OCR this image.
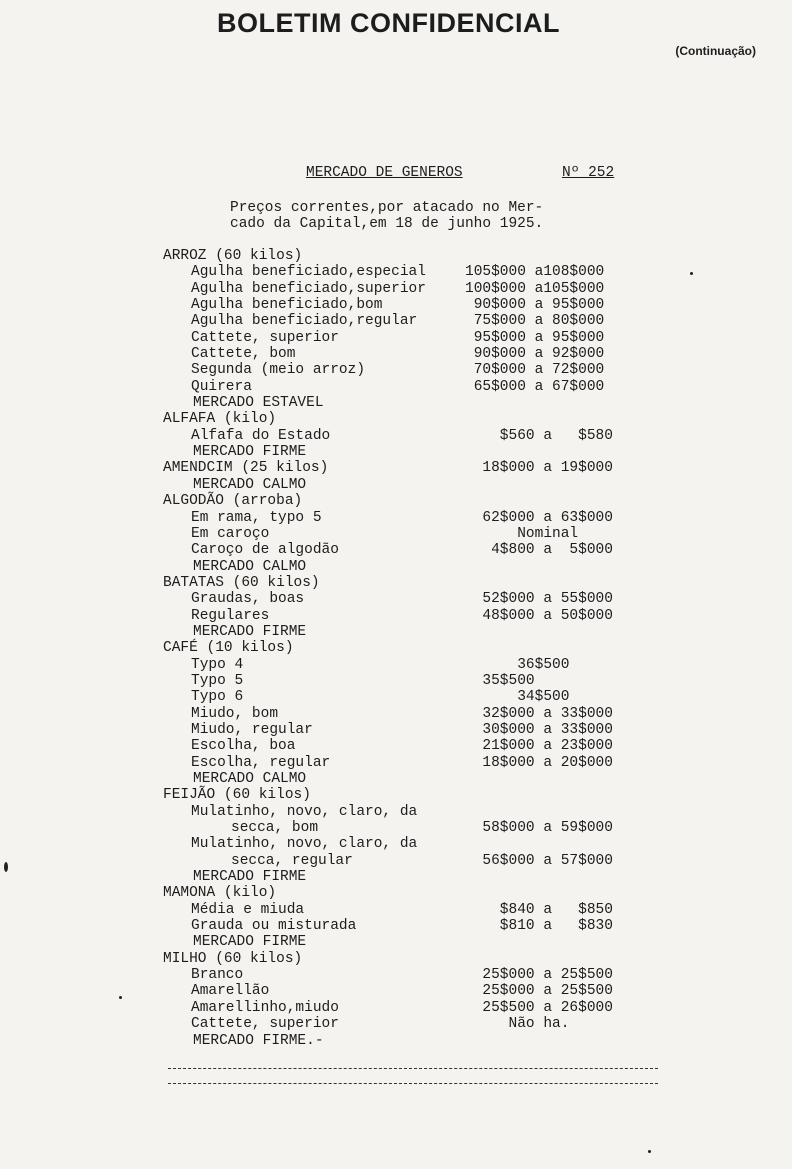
BOLETIM CONFIDENCIAL
(Continuação)
MERCADO DE GENEROS	Nº 252
Preços correntes,por atacado no Mer-
cado da Capital,em 18 de junho 1925.
ARROZ (60 kilos)
Agulha beneficiado,especial	105$000 a108$000
Agulha beneficiado,superior	100$000 a105$000
Agulha beneficiado,bom	90$000 a 95$000
Agulha beneficiado,regular	75$000 a 80$000
Cattete, superior	95$000 a 95$000
Cattete, bom	90$000 a 92$000
Segunda (meio arroz)	70$000 a 72$000
Quirera	65$000 a 67$000
MERCADO ESTAVEL
ALFAFA (kilo)
Alfafa do Estado	$560 a   $580
MERCADO FIRME
AMENDCIM (25 kilos)	18$000 a 19$000
MERCADO CALMO
ALGODÃO (arroba)
Em rama, typo 5	62$000 a 63$000
Em caroço	Nominal
Caroço de algodão	4$800 a  5$000
MERCADO CALMO
BATATAS (60 kilos)
Graudas, boas	52$000 a 55$000
Regulares	48$000 a 50$000
MERCADO FIRME
CAFÉ (10 kilos)
Typo 4	36$500
Typo 5	35$500
Typo 6	34$500
Miudo, bom	32$000 a 33$000
Miudo, regular	30$000 a 33$000
Escolha, boa	21$000 a 23$000
Escolha, regular	18$000 a 20$000
MERCADO CALMO
FEIJÃO (60 kilos)
Mulatinho, novo, claro, da
secca, bom	58$000 a 59$000
Mulatinho, novo, claro, da
secca, regular	56$000 a 57$000
MERCADO FIRME
MAMONA (kilo)
Média e miuda	$840 a   $850
Grauda ou misturada	$810 a   $830
MERCADO FIRME
MILHO (60 kilos)
Branco	25$000 a 25$500
Amarellão	25$000 a 25$500
Amarellinho,miudo	25$500 a 26$000
Cattete, superior	Não ha.
MERCADO FIRME.-
